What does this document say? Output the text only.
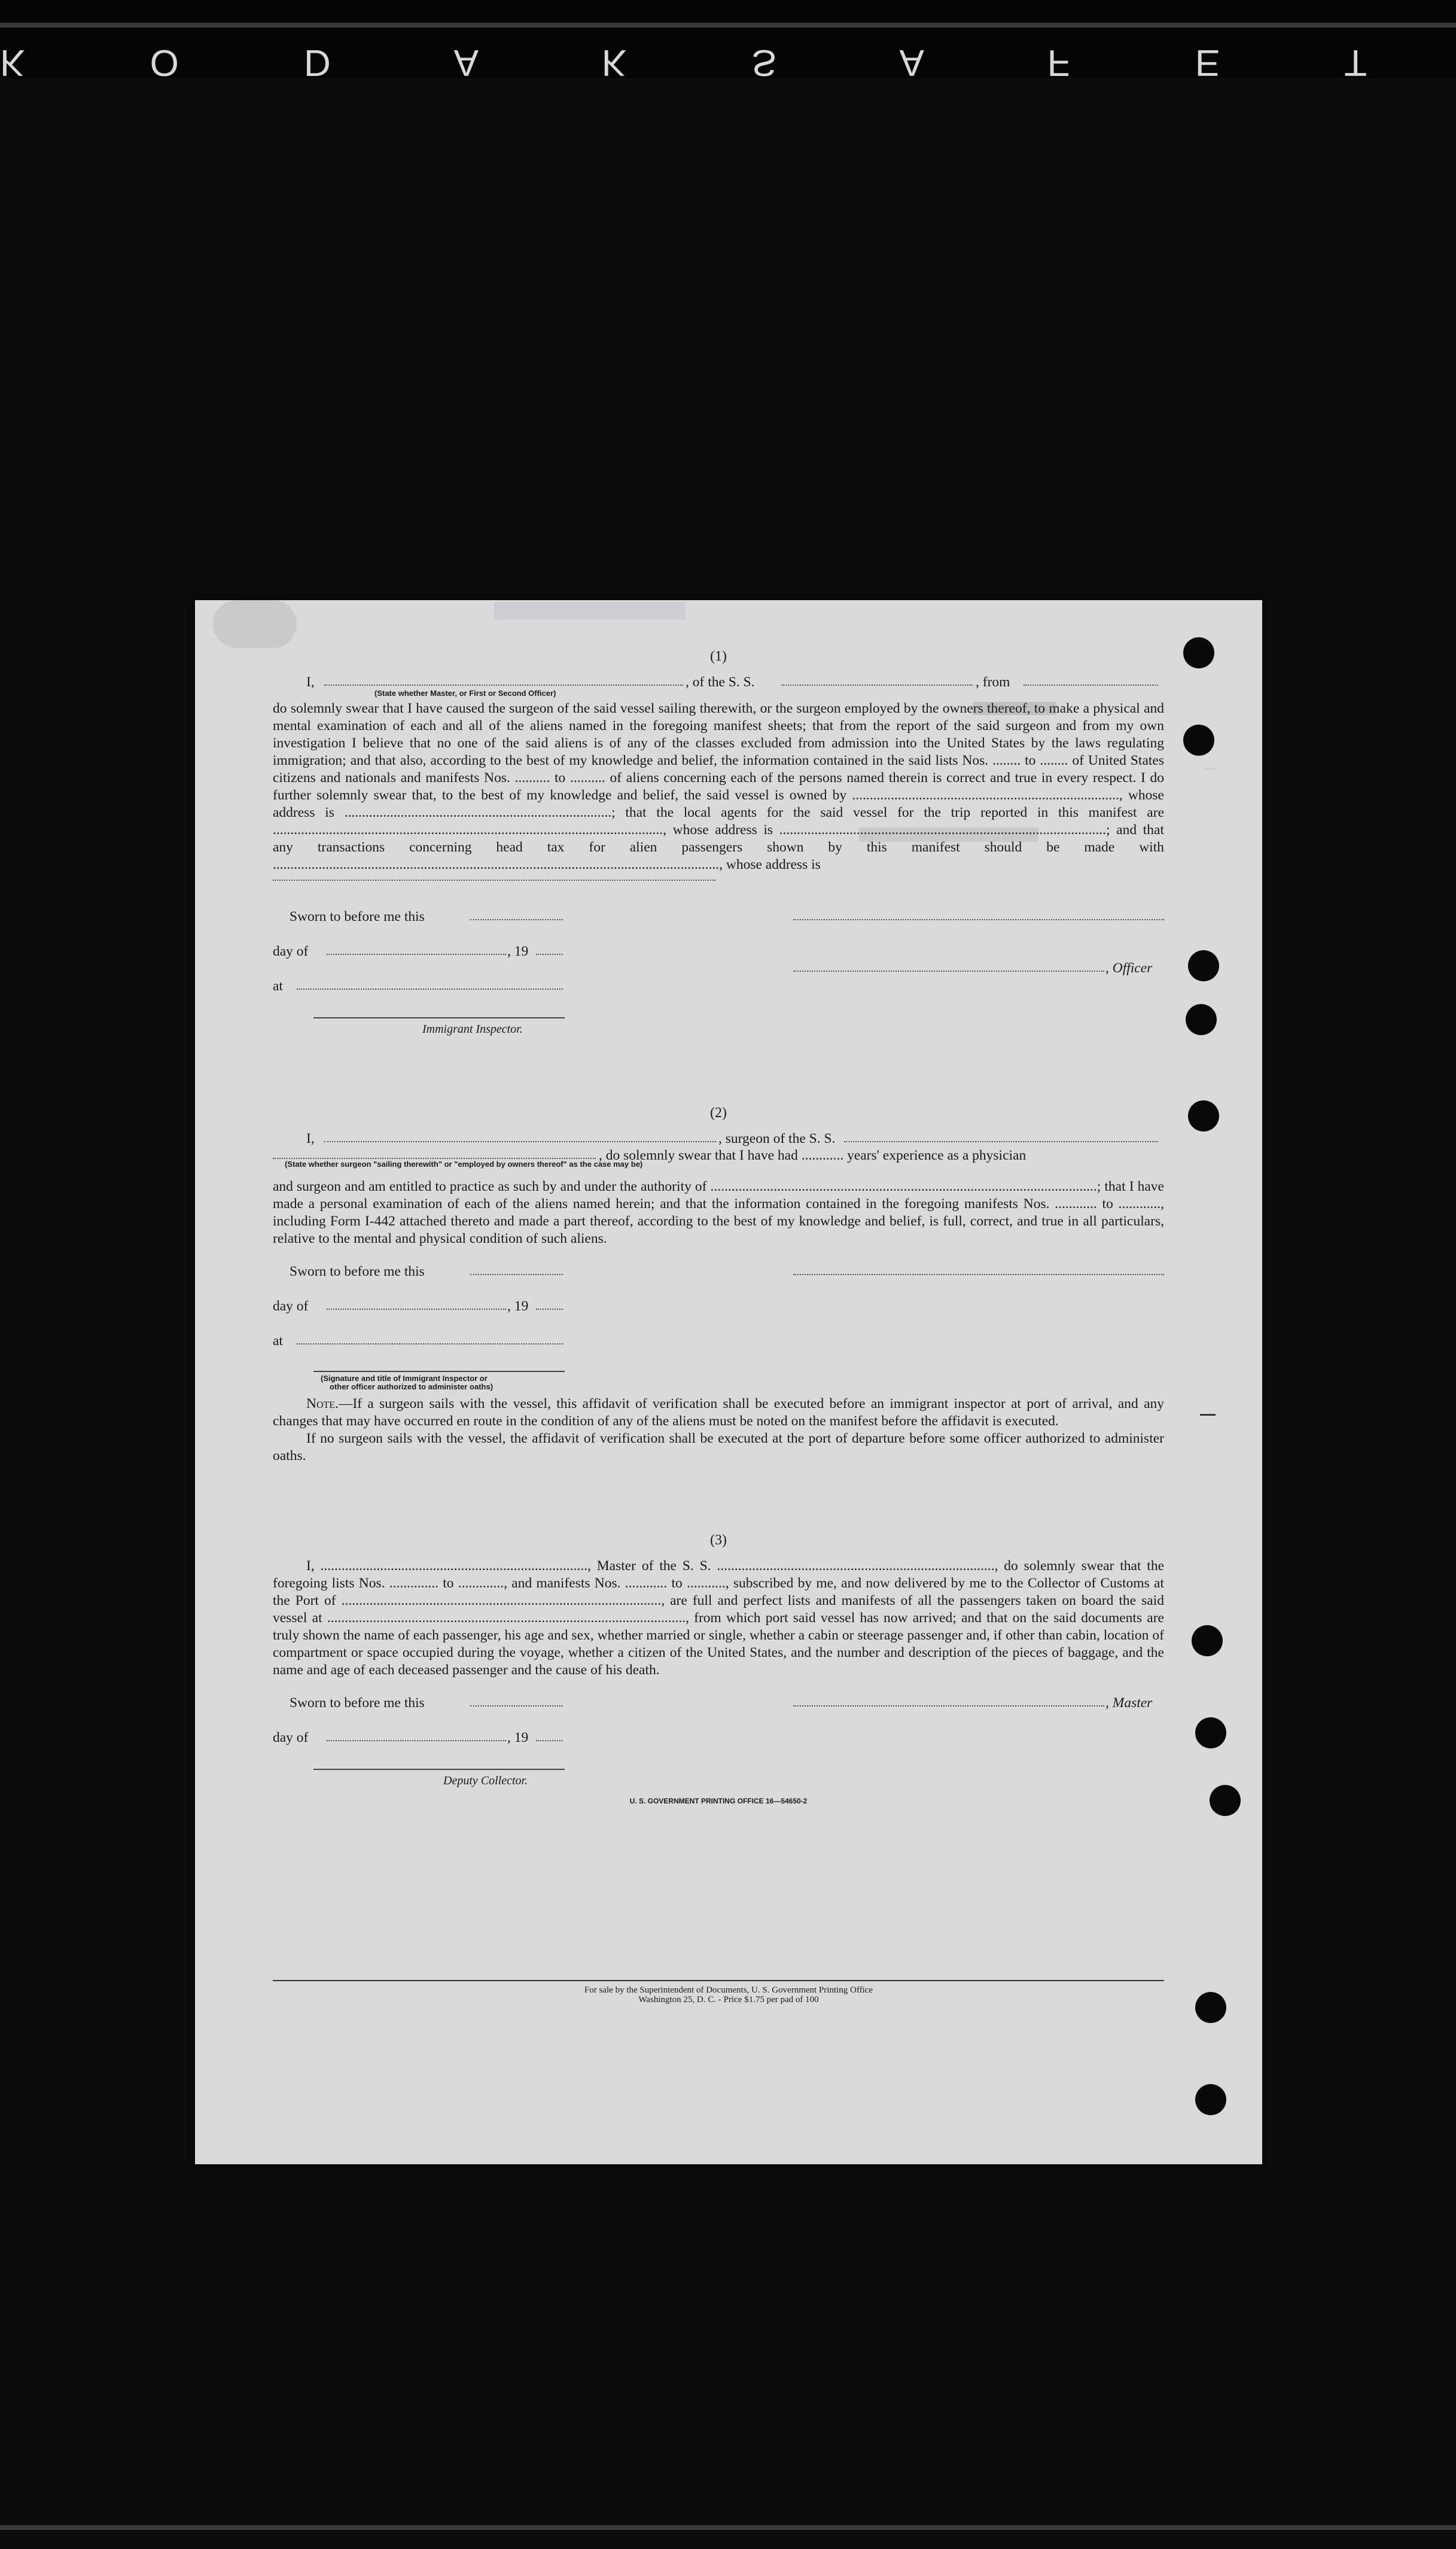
K O D A K S A F E T
(1)
I,
(State whether Master, or First or Second Officer)
, of the S. S.	, from

do solemnly swear that I have caused the surgeon of the said vessel sailing therewith, or the surgeon employed by the owners thereof, to make a physical and mental examination of each and all of the aliens named in the foregoing manifest sheets; that from the report of the said surgeon and from my own investigation I believe that no one of the said aliens is of any of the classes excluded from admission into the United States by the laws regulating immigration; and that also, according to the best of my knowledge and belief, the information contained in the said lists Nos. ........ to ........ of United States citizens and nationals and manifests Nos. .......... to .......... of aliens concerning each of the persons named therein is correct and true in every respect. I do further solemnly swear that, to the best of my knowledge and belief, the said vessel is owned by ............................................................................, whose address is ............................................................................; that the local agents for the said vessel for the trip reported in this manifest are ..............................................................................................................., whose address is .............................................................................................; and that any transactions concerning head tax for alien passengers shown by this manifest should be made with ..............................................................................................................................., whose address is

Sworn to before me this
day of	, 19
, Officer
at
Immigrant Inspector.
(2)
I,	, surgeon of the S. S.
, do solemnly swear that I have had ............ years' experience as a physician
(State whether surgeon "sailing therewith" or "employed by owners thereof" as the case may be)

and surgeon and am entitled to practice as such by and under the authority of ..............................................................................................................; that I have made a personal examination of each of the aliens named herein; and that the information contained in the foregoing manifests Nos. ............ to ............, including Form I-442 attached thereto and made a part thereof, according to the best of my knowledge and belief, is full, correct, and true in all particulars, relative to the mental and physical condition of such aliens.

Sworn to before me this
day of	, 19
at
(Signature and title of Immigrant Inspector or
other officer authorized to administer oaths)

Note.—If a surgeon sails with the vessel, this affidavit of verification shall be executed before an immigrant inspector at port of arrival, and any changes that may have occurred en route in the condition of any of the aliens must be noted on the manifest before the affidavit is executed.

If no surgeon sails with the vessel, the affidavit of verification shall be executed at the port of departure before some officer authorized to administer oaths.

(3)

I, ............................................................................, Master of the S. S. ..............................................................................., do solemnly swear that the foregoing lists Nos. .............. to ............., and manifests Nos. ............ to ..........., subscribed by me, and now delivered by me to the Collector of Customs at the Port of ..........................................................................................., are full and perfect lists and manifests of all the passengers taken on board the said vessel at ......................................................................................................, from which port said vessel has now arrived; and that on the said documents are truly shown the name of each passenger, his age and sex, whether married or single, whether a cabin or steerage passenger and, if other than cabin, location of compartment or space occupied during the voyage, whether a citizen of the United States, and the number and description of the pieces of baggage, and the name and age of each deceased passenger and the cause of his death.

Sworn to before me this	, Master
day of	, 19
Deputy Collector.
U. S. GOVERNMENT PRINTING OFFICE 16—54650-2
For sale by the Superintendent of Documents, U. S. Government Printing Office
Washington 25, D. C. - Price $1.75 per pad of 100
